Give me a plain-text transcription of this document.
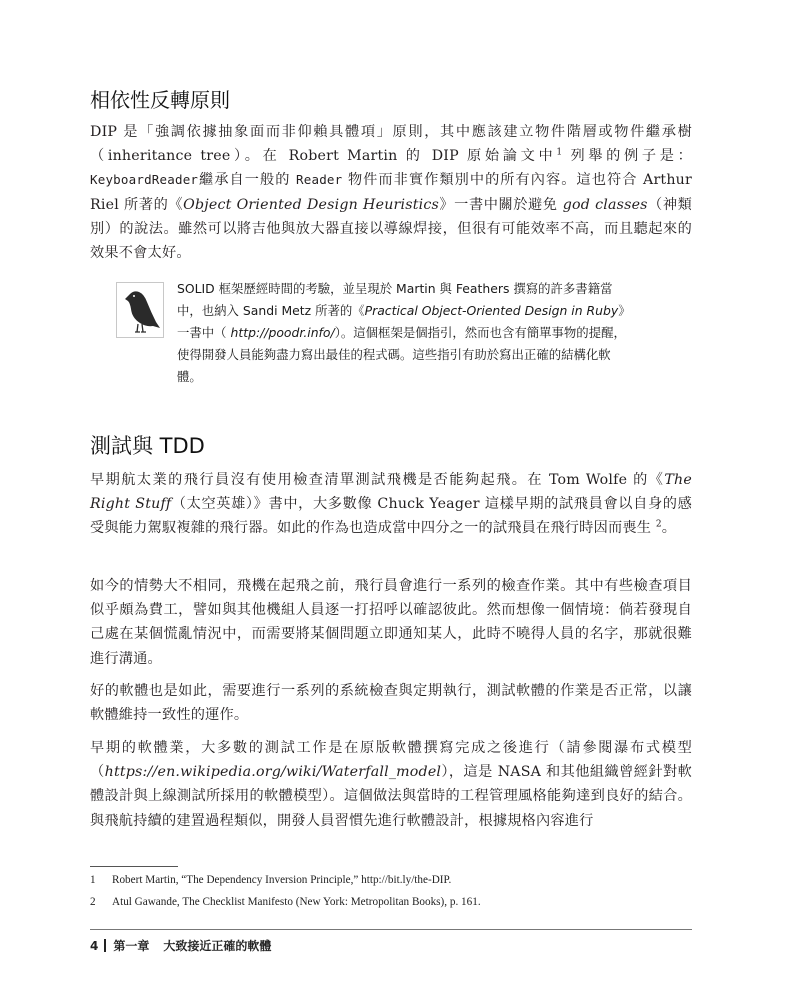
相依性反轉原則

DIP 是「強調依據抽象面而非仰賴具體項」原則，其中應該建立物件階層或物件繼承樹（inheritance tree）。在 Robert Martin 的 DIP 原始論文中$^1$ 列舉的例子是：KeyboardReader繼承自一般的 Reader 物件而非實作類別中的所有內容。這也符合 Arthur Riel 所著的《Object Oriented Design Heuristics》一書中關於避免 god classes（神類別）的說法。雖然可以將吉他與放大器直接以導線焊接，但很有可能效率不高，而且聽起來的效果不會太好。

SOLID 框架歷經時間的考驗，並呈現於 Martin 與 Feathers 撰寫的許多書籍當中，也納入 Sandi Metz 所著的《Practical Object-Oriented Design in Ruby》一書中（ http://poodr.info/）。這個框架是個指引，然而也含有簡單事物的提醒，使得開發人員能夠盡力寫出最佳的程式碼。這些指引有助於寫出正確的結構化軟體。

測試與 TDD

早期航太業的飛行員沒有使用檢查清單測試飛機是否能夠起飛。在 Tom Wolfe 的《The Right Stuff（太空英雄）》書中，大多數像 Chuck Yeager 這樣早期的試飛員會以自身的感受與能力駕馭複雜的飛行器。如此的作為也造成當中四分之一的試飛員在飛行時因而喪生 $^2$。

如今的情勢大不相同，飛機在起飛之前，飛行員會進行一系列的檢查作業。其中有些檢查項目似乎頗為費工，譬如與其他機組人員逐一打招呼以確認彼此。然而想像一個情境：倘若發現自己處在某個慌亂情況中，而需要將某個問題立即通知某人，此時不曉得人員的名字，那就很難進行溝通。

好的軟體也是如此，需要進行一系列的系統檢查與定期執行，測試軟體的作業是否正常，以讓軟體維持一致性的運作。

早期的軟體業，大多數的測試工作是在原版軟體撰寫完成之後進行（請參閱瀑布式模型（https://en.wikipedia.org/wiki/Waterfall_model），這是 NASA 和其他組織曾經針對軟體設計與上線測試所採用的軟體模型）。這個做法與當時的工程管理風格能夠達到良好的結合。與飛航持續的建置過程類似，開發人員習慣先進行軟體設計，根據規格內容進行

1 Robert Martin, “The Dependency Inversion Principle,” http://bit.ly/the-DIP.

2 Atul Gawande, The Checklist Manifesto (New York: Metropolitan Books), p. 161.

4 第一章 大致接近正確的軟體
